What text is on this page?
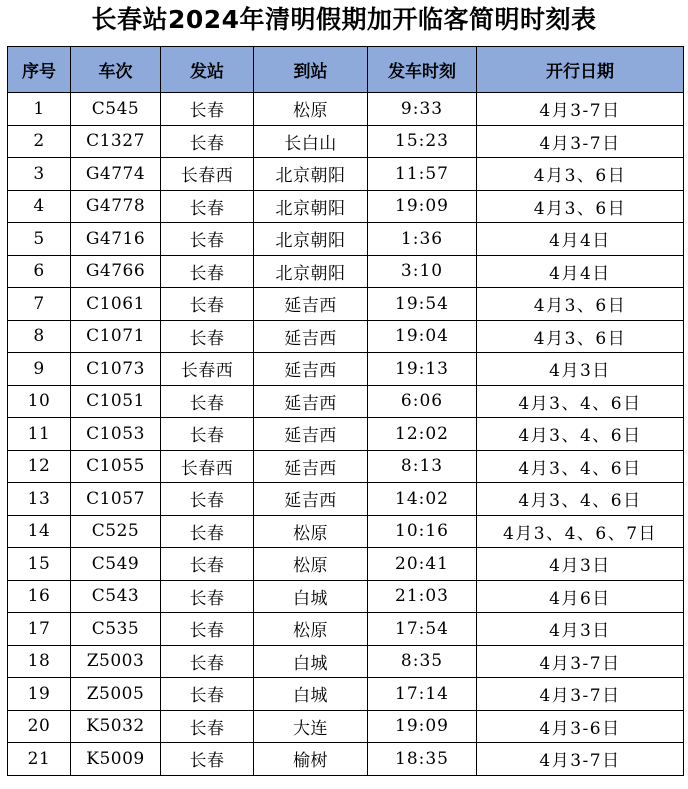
长春站2024年清明假期加开临客简明时刻表
序号	车次	发站	到站	发车时刻	开行日期
1	C545	长春	松原	9:33	4月3-7日
2	C1327	长春	长白山	15:23	4月3-7日
3	G4774	长春西	北京朝阳	11:57	4月3、6日
4	G4778	长春	北京朝阳	19:09	4月3、6日
5	G4716	长春	北京朝阳	1:36	4月4日
6	G4766	长春	北京朝阳	3:10	4月4日
7	C1061	长春	延吉西	19:54	4月3、6日
8	C1071	长春	延吉西	19:04	4月3、6日
9	C1073	长春西	延吉西	19:13	4月3日
10	C1051	长春	延吉西	6:06	4月3、4、6日
11	C1053	长春	延吉西	12:02	4月3、4、6日
12	C1055	长春西	延吉西	8:13	4月3、4、6日
13	C1057	长春	延吉西	14:02	4月3、4、6日
14	C525	长春	松原	10:16	4月3、4、6、7日
15	C549	长春	松原	20:41	4月3日
16	C543	长春	白城	21:03	4月6日
17	C535	长春	松原	17:54	4月3日
18	Z5003	长春	白城	8:35	4月3-7日
19	Z5005	长春	白城	17:14	4月3-7日
20	K5032	长春	大连	19:09	4月3-6日
21	K5009	长春	榆树	18:35	4月3-7日
